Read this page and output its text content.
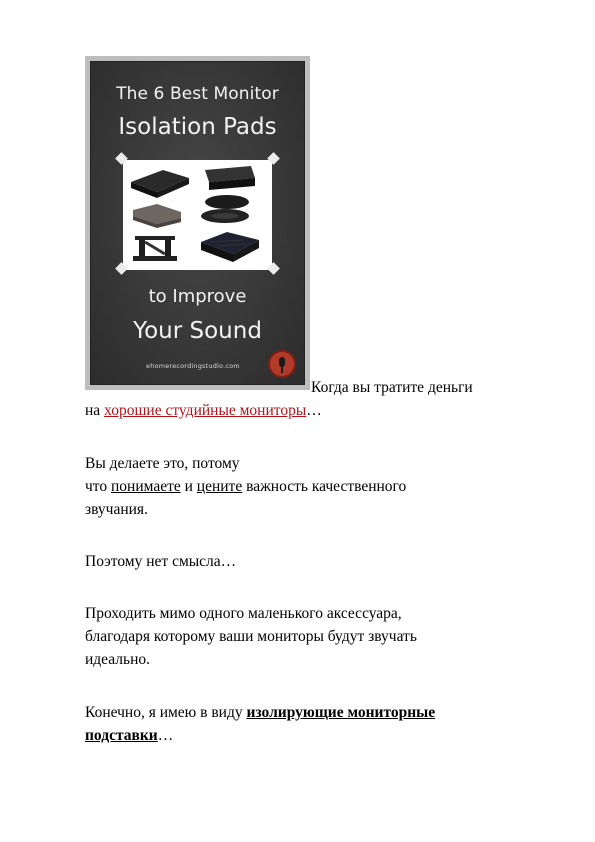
The 6 Best Monitor
Isolation Pads
to Improve
Your Sound
ehomerecordingstudio.com
Когда вы тратите деньги
на хорошие студийные мониторы…
Вы делаете это, потому
что понимаете и цените важность качественного
звучания.
Поэтому нет смысла…
Проходить мимо одного маленького аксессуара,
благодаря которому ваши мониторы будут звучать
идеально.
Конечно, я имею в виду изолирующие мониторные
подставки…
